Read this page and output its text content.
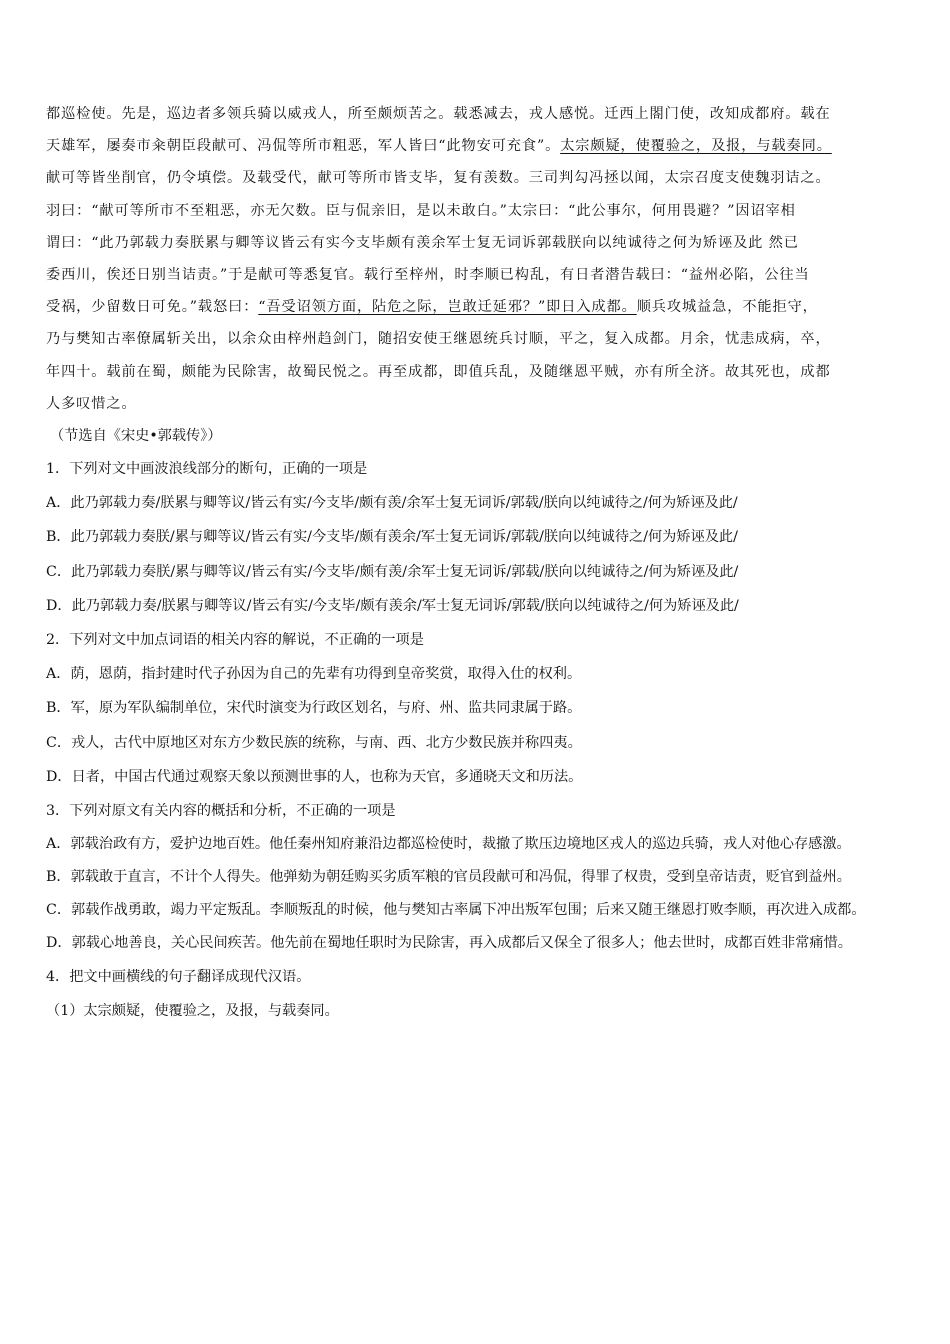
都巡检使。先是，巡边者多领兵骑以威戎人，所至颇烦苦之。载悉减去，戎人感悦。迁西上閤门使，改知成都府。载在

天雄军，屡奏市籴朝臣段献可、冯侃等所市粗恶，军人皆曰“此物安可充食”。太宗颇疑，使覆验之，及报，与载奏同。

献可等皆坐削官，仍令填偿。及载受代，献可等所市皆支毕，复有羡数。三司判勾冯拯以闻，太宗召度支使魏羽诘之。

羽曰：“献可等所市不至粗恶，亦无欠数。臣与侃亲旧，是以未敢白。”太宗曰：“此公事尔，何用畏避？”因诏宰相

谓曰：“此乃郭载力奏朕累与卿等议皆云有实今支毕颇有羡余军士复无词诉郭载朕向以纯诚待之何为矫诬及此 然已

委西川，俟还日别当诘责。”于是献可等悉复官。载行至梓州，时李顺已构乱，有日者潜告载曰：“益州必陷，公往当

受祸，少留数日可免。”载怒曰：“吾受诏领方面，阽危之际，岂敢迁延邪？”即日入成都。顺兵攻城益急，不能拒守，

乃与樊知古率僚属斩关出，以余众由梓州趋剑门，随招安使王继恩统兵讨顺，平之，复入成都。月余，忧恚成病，卒，

年四十。载前在蜀，颇能为民除害，故蜀民悦之。再至成都，即值兵乱，及随继恩平贼，亦有所全济。故其死也，成都

人多叹惜之。

（节选自《宋史•郭载传》）

1．下列对文中画波浪线部分的断句，正确的一项是

A．此乃郭载力奏/朕累与卿等议/皆云有实/今支毕/颇有羡/余军士复无词诉/郭载/朕向以纯诚待之/何为矫诬及此/

B．此乃郭载力奏朕/累与卿等议/皆云有实/今支毕/颇有羡余/军士复无词诉/郭载/朕向以纯诚待之/何为矫诬及此/

C．此乃郭载力奏朕/累与卿等议/皆云有实/今支毕/颇有羡/余军士复无词诉/郭载/朕向以纯诚待之/何为矫诬及此/

D．此乃郭载力奏/朕累与卿等议/皆云有实/今支毕/颇有羡余/军士复无词诉/郭载/朕向以纯诚待之/何为矫诬及此/

2．下列对文中加点词语的相关内容的解说，不正确的一项是

A．荫，恩荫，指封建时代子孙因为自己的先辈有功得到皇帝奖赏，取得入仕的权利。

B．军，原为军队编制单位，宋代时演变为行政区划名，与府、州、监共同隶属于路。

C．戎人，古代中原地区对东方少数民族的统称，与南、西、北方少数民族并称四夷。

D．日者，中国古代通过观察天象以预测世事的人，也称为天官，多通晓天文和历法。

3．下列对原文有关内容的概括和分析，不正确的一项是

A．郭载治政有方，爱护边地百姓。他任秦州知府兼沿边都巡检使时，裁撤了欺压边境地区戎人的巡边兵骑，戎人对他心存感激。

B．郭载敢于直言，不计个人得失。他弹劾为朝廷购买劣质军粮的官员段献可和冯侃，得罪了权贵，受到皇帝诘责，贬官到益州。

C．郭载作战勇敢，竭力平定叛乱。李顺叛乱的时候，他与樊知古率属下冲出叛军包围；后来又随王继恩打败李顺，再次进入成都。

D．郭载心地善良，关心民间疾苦。他先前在蜀地任职时为民除害，再入成都后又保全了很多人；他去世时，成都百姓非常痛惜。

4．把文中画横线的句子翻译成现代汉语。

（1）太宗颇疑，使覆验之，及报，与载奏同。
